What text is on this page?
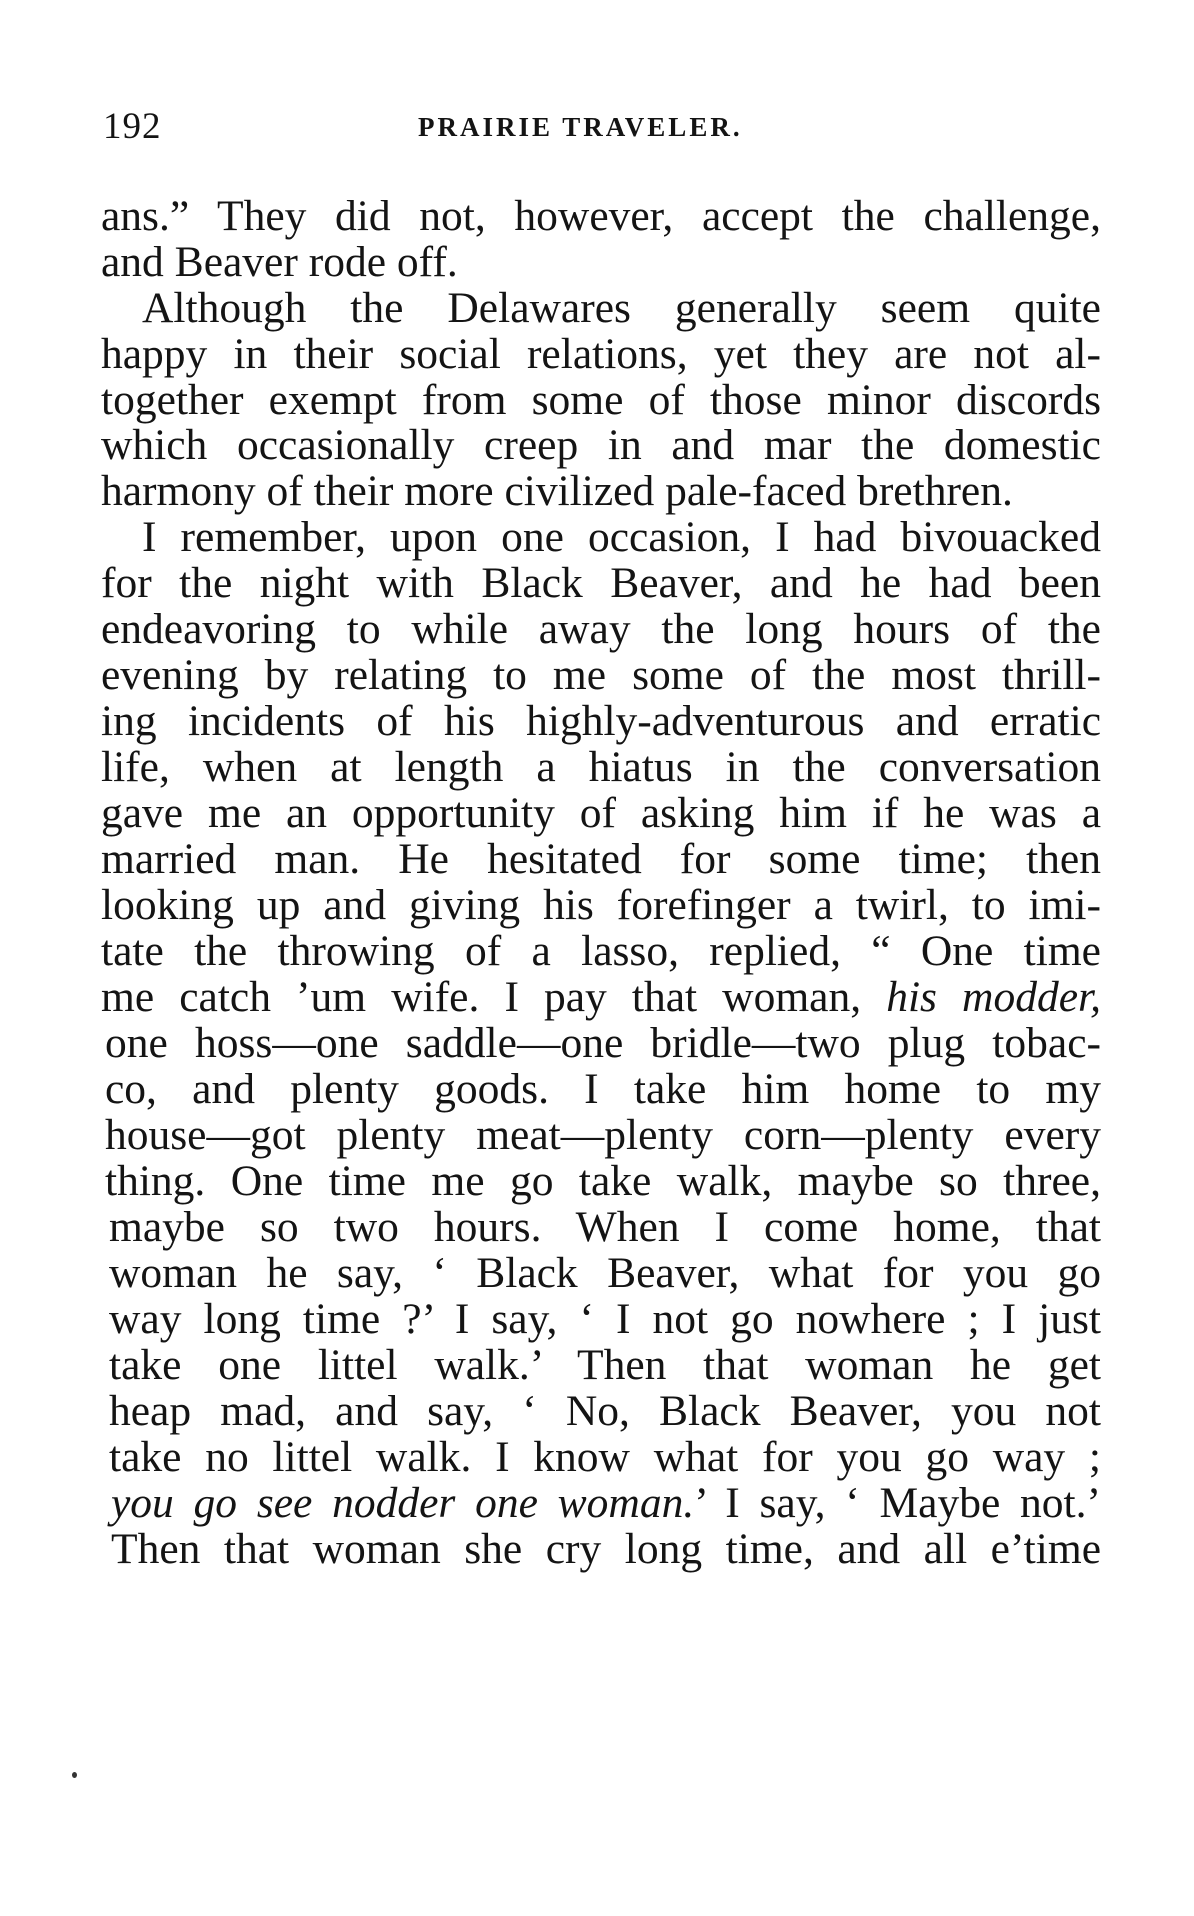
192	PRAIRIE TRAVELER.
ans.” They did not, however, accept the challenge,
and Beaver rode off.
Although the Delawares generally seem quite
happy in their social relations, yet they are not al-
together exempt from some of those minor discords
which occasionally creep in and mar the domestic
harmony of their more civilized pale-faced brethren.
I remember, upon one occasion, I had bivouacked
for the night with Black Beaver, and he had been
endeavoring to while away the long hours of the
evening by relating to me some of the most thrill-
ing incidents of his highly-adventurous and erratic
life, when at length a hiatus in the conversation
gave me an opportunity of asking him if he was a
married man. He hesitated for some time; then
looking up and giving his forefinger a twirl, to imi-
tate the throwing of a lasso, replied, “ One time
me catch ’um wife. I pay that woman, his modder,
one hoss—one saddle—one bridle—two plug tobac-
co, and plenty goods. I take him home to my
house—got plenty meat—plenty corn—plenty every
thing. One time me go take walk, maybe so three,
maybe so two hours. When I come home, that
woman he say, ‘ Black Beaver, what for you go
way long time ?’ I say, ‘ I not go nowhere ; I just
take one littel walk.’ Then that woman he get
heap mad, and say, ‘ No, Black Beaver, you not
take no littel walk. I know what for you go way ;
you go see nodder one woman.’ I say, ‘ Maybe not.’
Then that woman she cry long time, and all e’time
